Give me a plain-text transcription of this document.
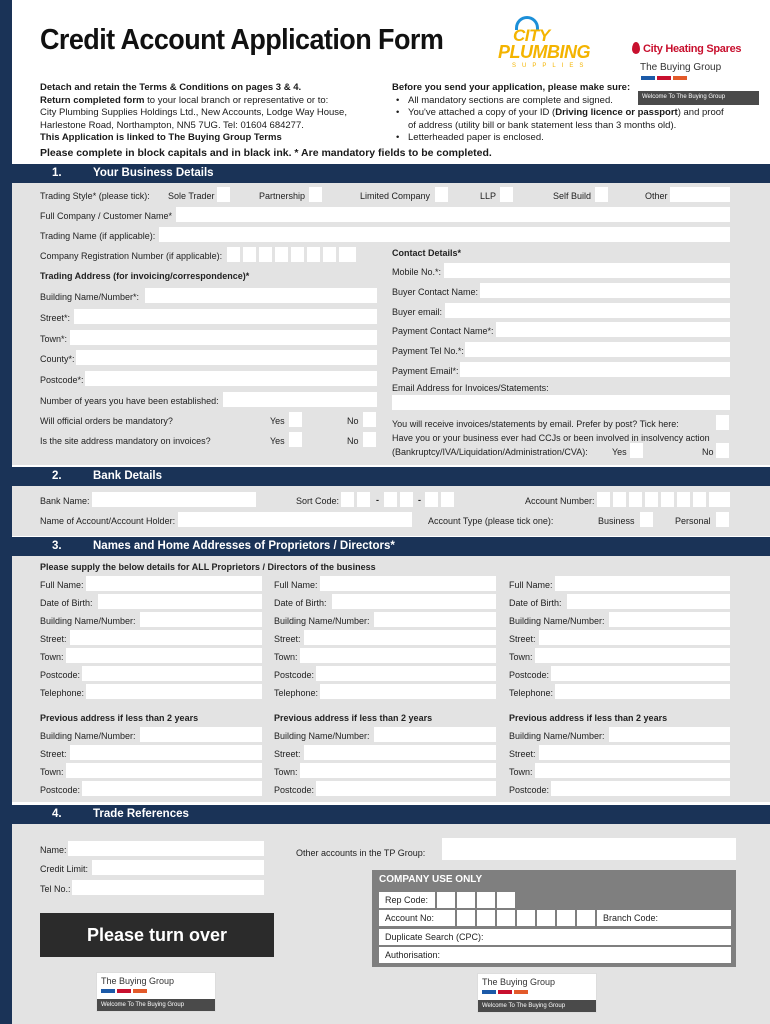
Credit Account Application Form	CITY
PLUMBING
SUPPLIES
City Heating Spares
The Buying Group
Welcome To The Buying Group
Detach and retain the Terms & Conditions on pages 3 & 4.
Return completed form to your local branch or representative or to:
City Plumbing Supplies Holdings Ltd., New Accounts, Lodge Way House,
Harlestone Road, Northampton, NN5 7UG. Tel: 01604 684277.
This Application is linked to The Buying Group Terms
Before you send your application, please make sure:
• All mandatory sections are complete and signed.
• You've attached a copy of your ID (Driving licence or passport) and proof
of address (utility bill or bank statement less than 3 months old).
• Letterheaded paper is enclosed.
Please complete in block capitals and in black ink. * Are mandatory fields to be completed.
1.	Your Business Details
Trading Style* (please tick): Sole Trader	Partnership	Limited Company	LLP	Self Build	Other
Full Company / Customer Name*
Trading Name (if applicable):
Company Registration Number (if applicable):
Trading Address (for invoicing/correspondence)*
Building Name/Number*:
Street*:
Town*:
County*:
Postcode*:
Number of years you have been established:
Will official orders be mandatory?	Yes	No
Is the site address mandatory on invoices?	Yes	No
Contact Details*
Mobile No.*:
Buyer Contact Name:
Buyer email:
Payment Contact Name*:
Payment Tel No.*:
Payment Email*:
Email Address for Invoices/Statements:
You will receive invoices/statements by email. Prefer by post? Tick here:
Have you or your business ever had CCJs or been involved in insolvency action
(Bankruptcy/IVA/Liquidation/Administration/CVA):	Yes	No
2.	Bank Details
Bank Name:	Sort Code:	-	-	Account Number:
Name of Account/Account Holder:	Account Type (please tick one):	Business	Personal
3.	Names and Home Addresses of Proprietors / Directors*
Please supply the below details for ALL Proprietors / Directors of the business
Full Name:
Date of Birth:
Building Name/Number:
Street:
Town:
Postcode:
Telephone:
Previous address if less than 2 years
Building Name/Number:
Street:
Town:
Postcode:
Full Name:
Date of Birth:
Building Name/Number:
Street:
Town:
Postcode:
Telephone:
Previous address if less than 2 years
Building Name/Number:
Street:
Town:
Postcode:
Full Name:
Date of Birth:
Building Name/Number:
Street:
Town:
Postcode:
Telephone:
Previous address if less than 2 years
Building Name/Number:
Street:
Town:
Postcode:
4.	Trade References
Name:
Credit Limit:
Tel No.:
Other accounts in the TP Group:
COMPANY USE ONLY
Rep Code:
Account No:	Branch Code:
Duplicate Search (CPC):
Authorisation:
Please turn over
The Buying Group
Welcome To The Buying Group
The Buying Group
Welcome To The Buying Group
